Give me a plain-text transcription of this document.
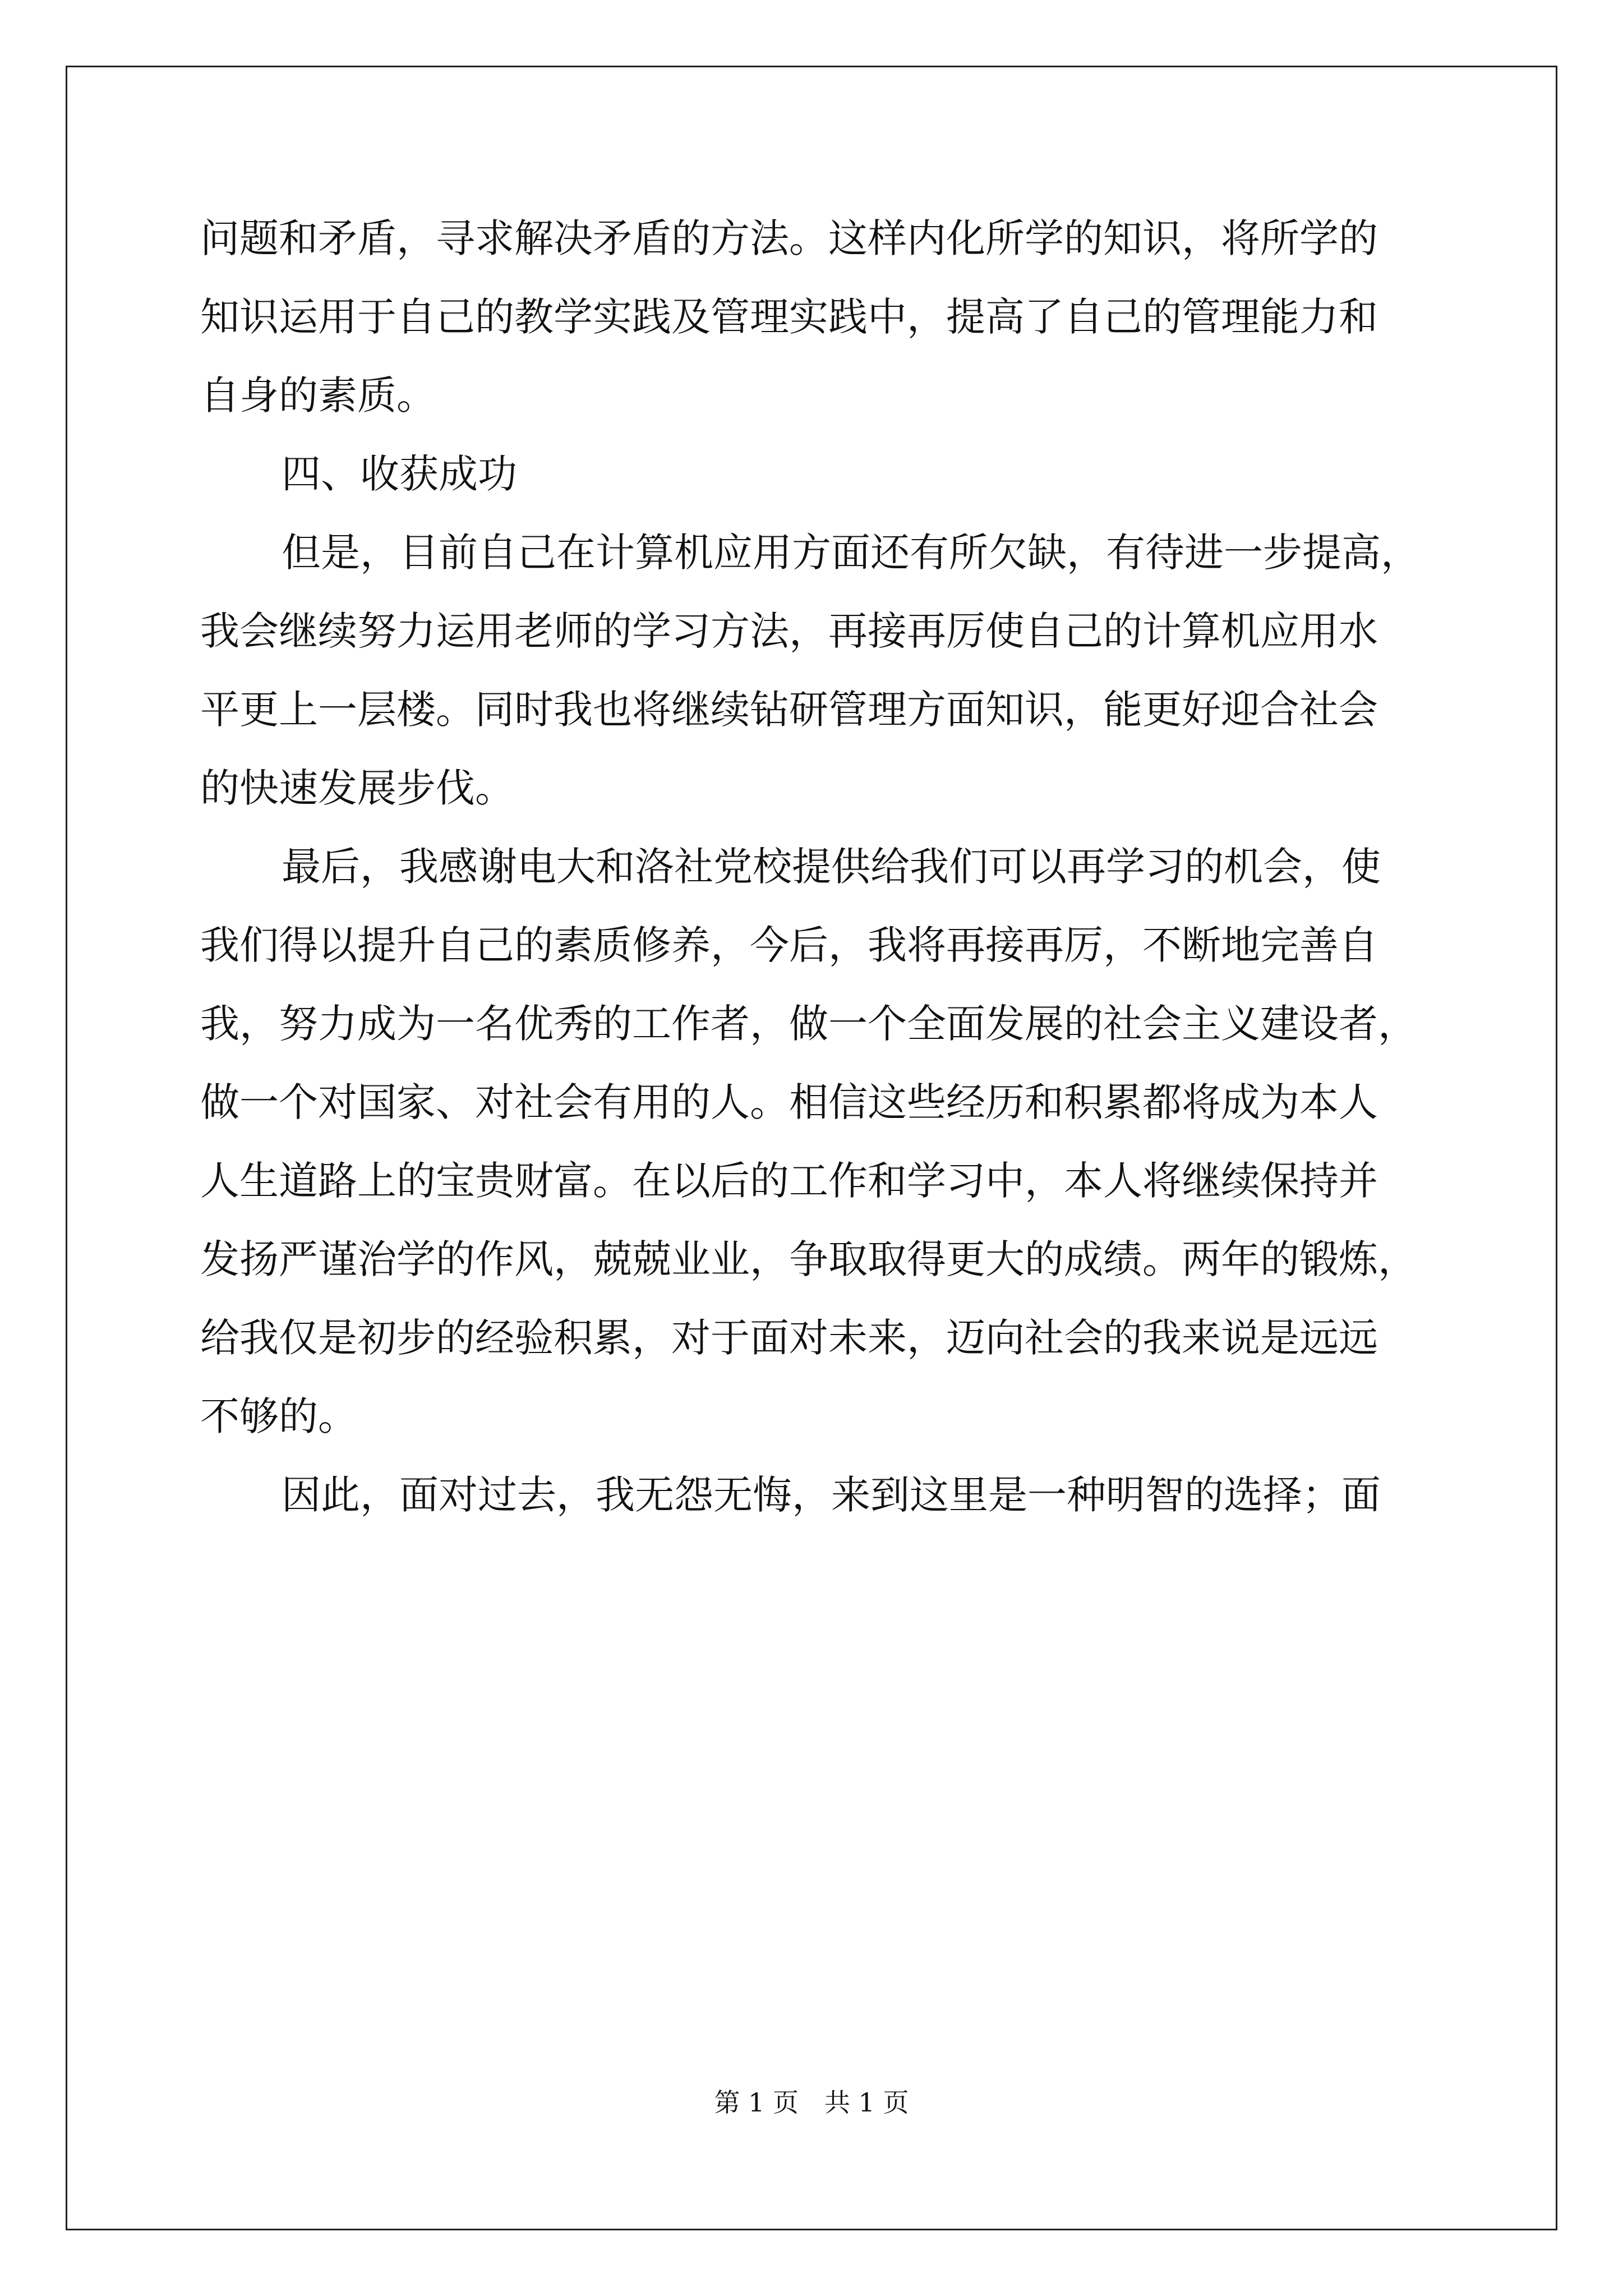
问题和矛盾，寻求解决矛盾的方法。这样内化所学的知识，将所学的
知识运用于自己的教学实践及管理实践中，提高了自己的管理能力和
自身的素质。
四、收获成功
但是，目前自己在计算机应用方面还有所欠缺，有待进一步提高，
我会继续努力运用老师的学习方法，再接再厉使自己的计算机应用水
平更上一层楼。同时我也将继续钻研管理方面知识，能更好迎合社会
的快速发展步伐。
最后，我感谢电大和洛社党校提供给我们可以再学习的机会，使
我们得以提升自己的素质修养，今后，我将再接再厉，不断地完善自
我，努力成为一名优秀的工作者，做一个全面发展的社会主义建设者，
做一个对国家、对社会有用的人。相信这些经历和积累都将成为本人
人生道路上的宝贵财富。在以后的工作和学习中，本人将继续保持并
发扬严谨治学的作风，兢兢业业，争取取得更大的成绩。两年的锻炼，
给我仅是初步的经验积累，对于面对未来，迈向社会的我来说是远远
不够的。
因此，面对过去，我无怨无悔，来到这里是一种明智的选择；面
第 1 页　共 1 页
